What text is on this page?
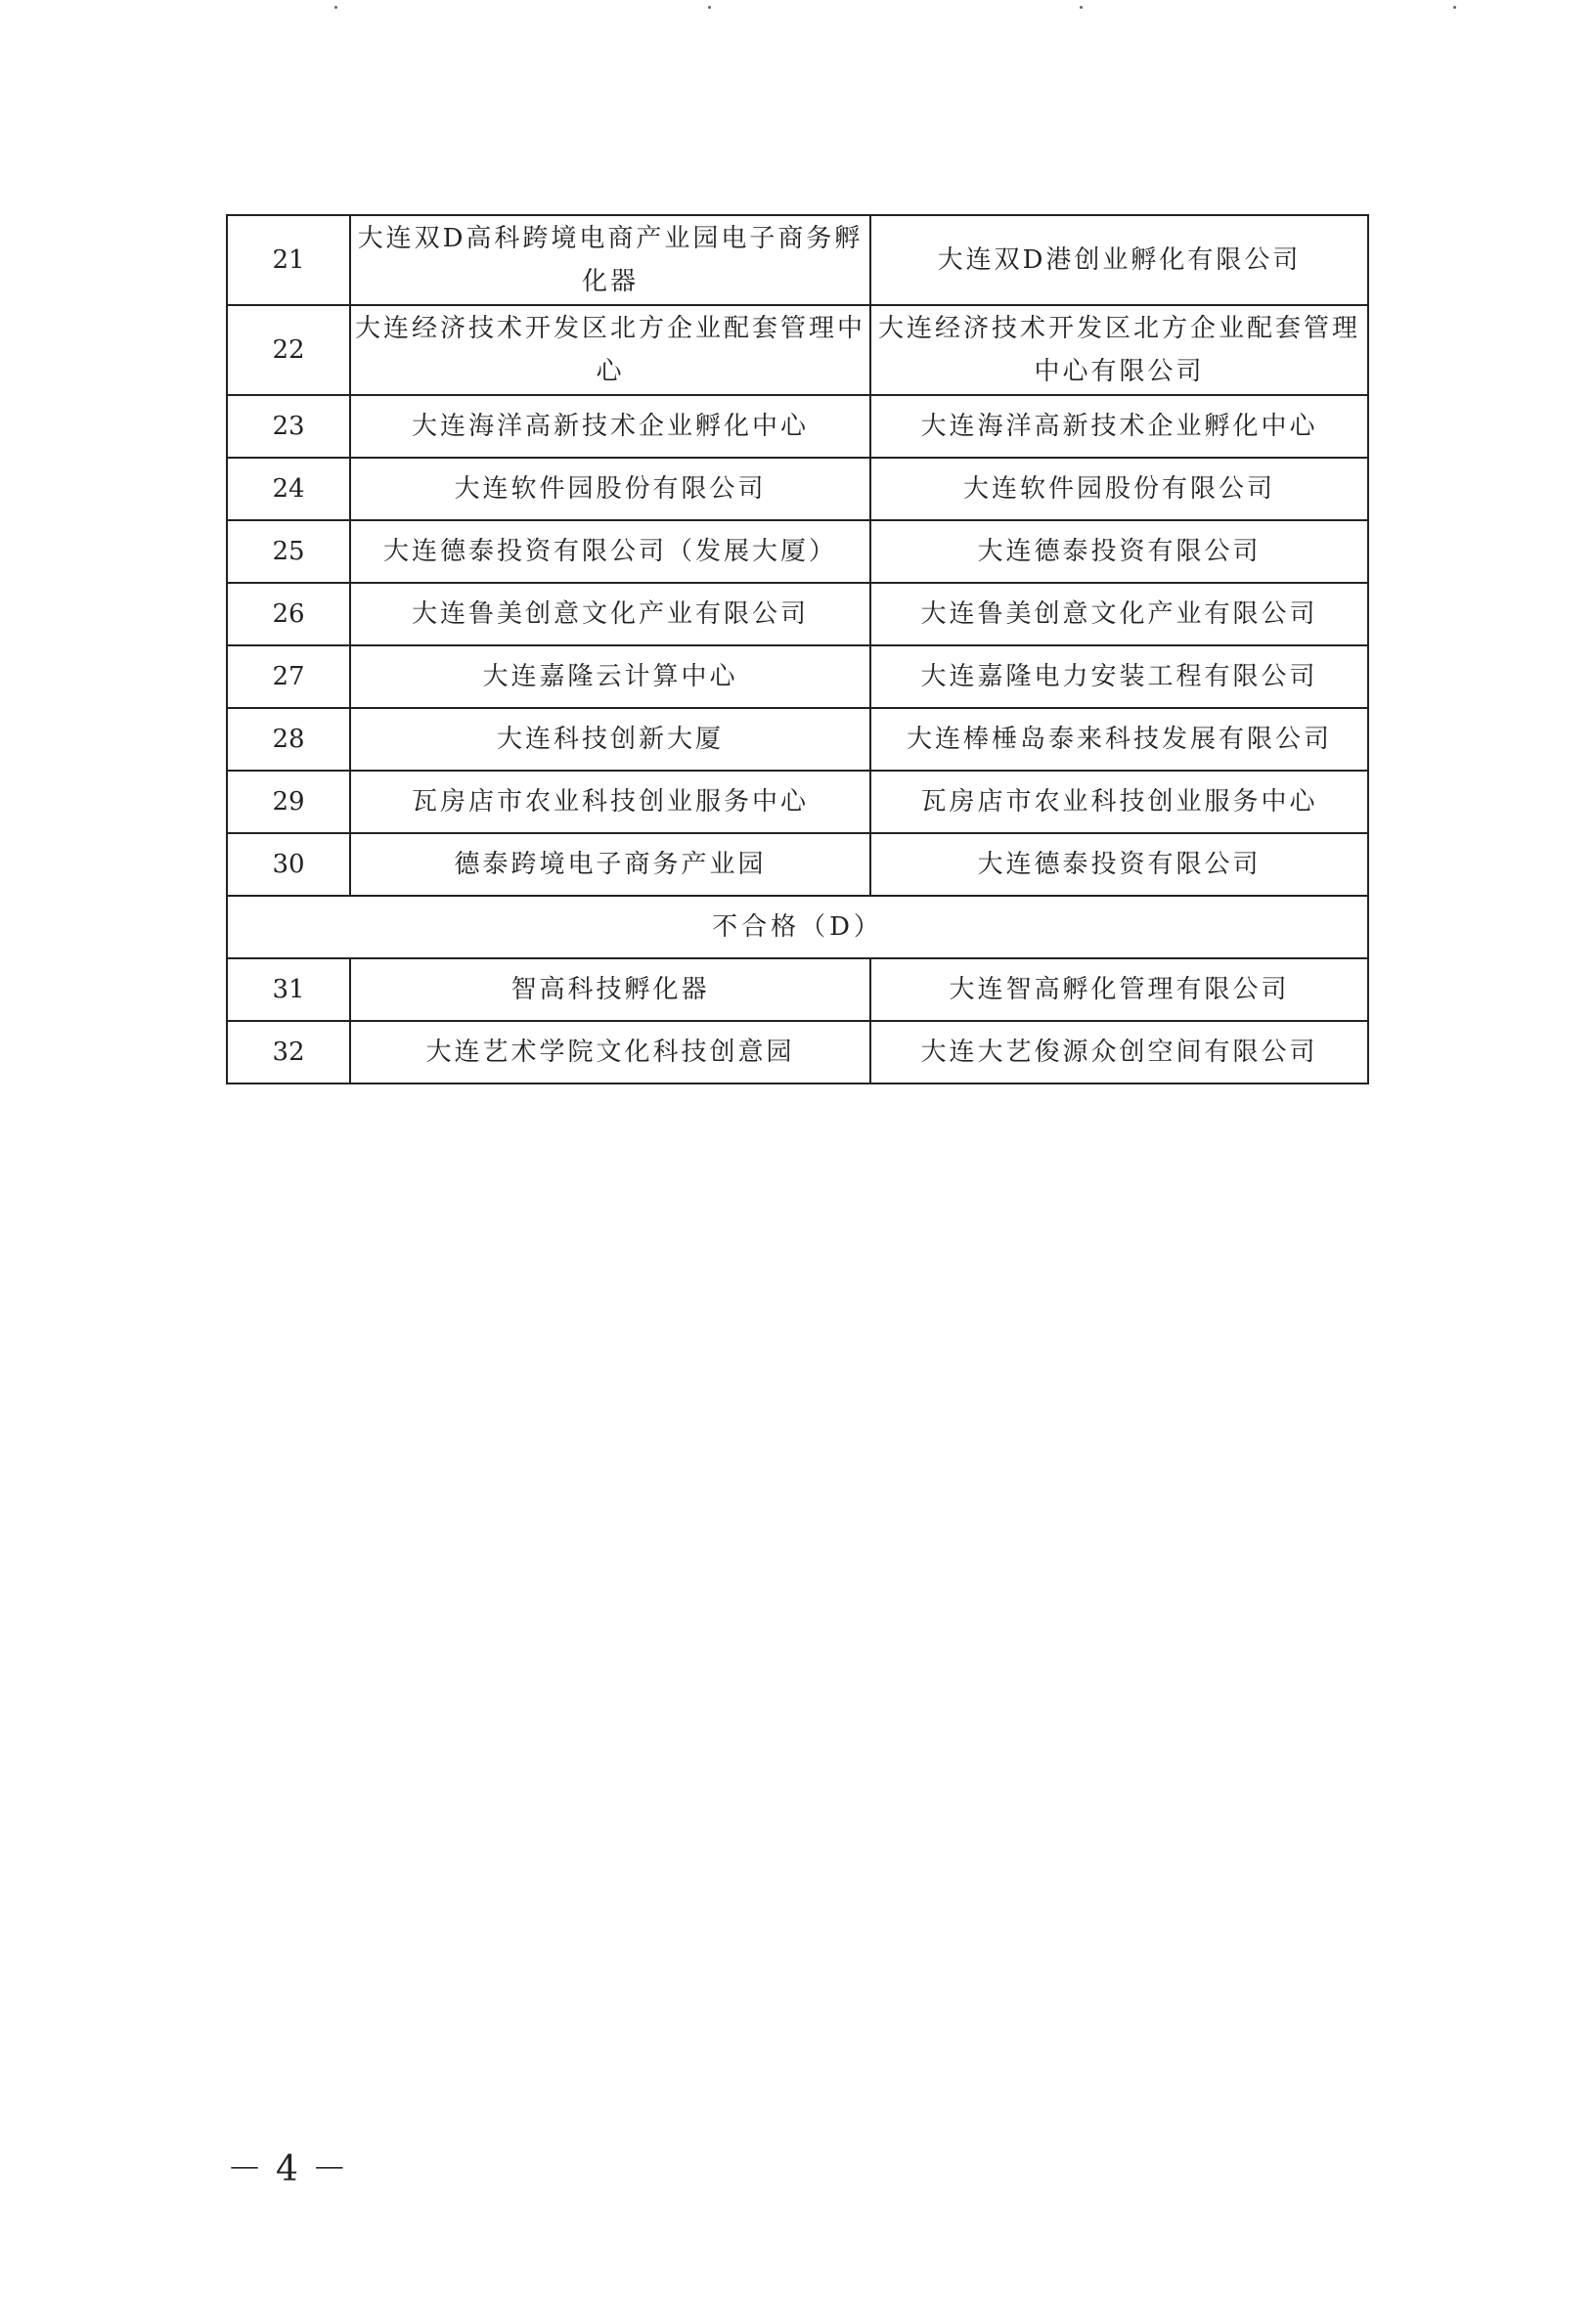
21	大连双D高科跨境电商产业园电子商务孵化器	大连双D港创业孵化有限公司
22	大连经济技术开发区北方企业配套管理中心	大连经济技术开发区北方企业配套管理中心有限公司
23	大连海洋高新技术企业孵化中心	大连海洋高新技术企业孵化中心
24	大连软件园股份有限公司	大连软件园股份有限公司
25	大连德泰投资有限公司（发展大厦）	大连德泰投资有限公司
26	大连鲁美创意文化产业有限公司	大连鲁美创意文化产业有限公司
27	大连嘉隆云计算中心	大连嘉隆电力安装工程有限公司
28	大连科技创新大厦	大连棒棰岛泰来科技发展有限公司
29	瓦房店市农业科技创业服务中心	瓦房店市农业科技创业服务中心
30	德泰跨境电子商务产业园	大连德泰投资有限公司
不合格（D）		
31	智高科技孵化器	大连智高孵化管理有限公司
32	大连艺术学院文化科技创意园	大连大艺俊源众创空间有限公司
－4－
